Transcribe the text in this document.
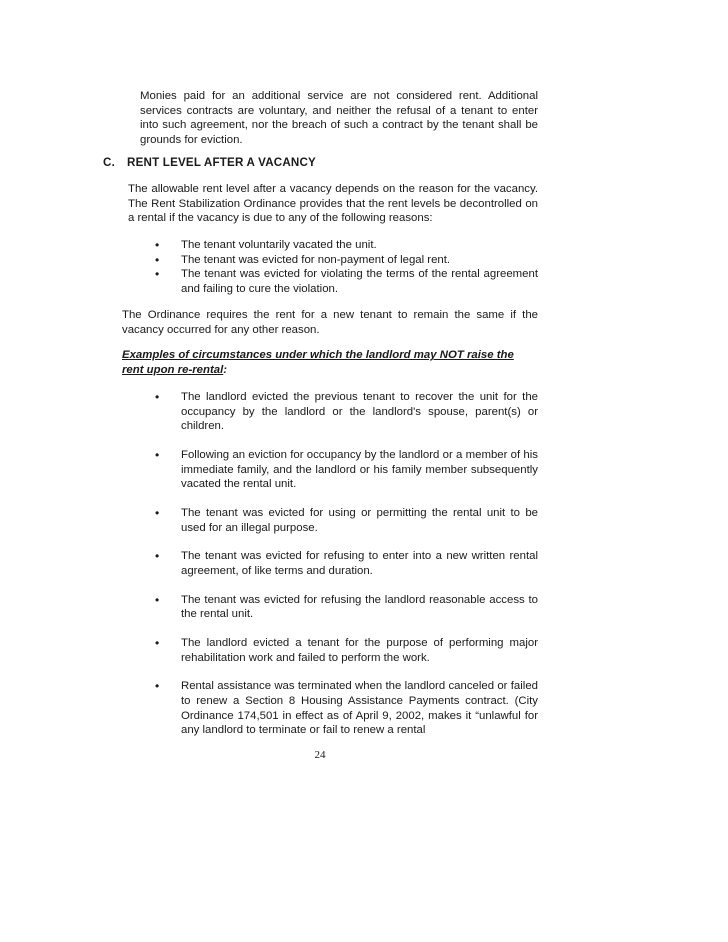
Monies paid for an additional service are not considered rent. Additional services contracts are voluntary, and neither the refusal of a tenant to enter into such agreement, nor the breach of such a contract by the tenant shall be grounds for eviction.

C. RENT LEVEL AFTER A VACANCY

The allowable rent level after a vacancy depends on the reason for the vacancy. The Rent Stabilization Ordinance provides that the rent levels be decontrolled on a rental if the vacancy is due to any of the following reasons:

• The tenant voluntarily vacated the unit.
• The tenant was evicted for non-payment of legal rent.
• The tenant was evicted for violating the terms of the rental agreement and failing to cure the violation.

The Ordinance requires the rent for a new tenant to remain the same if the vacancy occurred for any other reason.

Examples of circumstances under which the landlord may NOT raise the rent upon re-rental:

• The landlord evicted the previous tenant to recover the unit for the occupancy by the landlord or the landlord's spouse, parent(s) or children.
• Following an eviction for occupancy by the landlord or a member of his immediate family, and the landlord or his family member subsequently vacated the rental unit.
• The tenant was evicted for using or permitting the rental unit to be used for an illegal purpose.
• The tenant was evicted for refusing to enter into a new written rental agreement, of like terms and duration.
• The tenant was evicted for refusing the landlord reasonable access to the rental unit.
• The landlord evicted a tenant for the purpose of performing major rehabilitation work and failed to perform the work.
• Rental assistance was terminated when the landlord canceled or failed to renew a Section 8 Housing Assistance Payments contract. (City Ordinance 174,501 in effect as of April 9, 2002, makes it “unlawful for any landlord to terminate or fail to renew a rental
24
